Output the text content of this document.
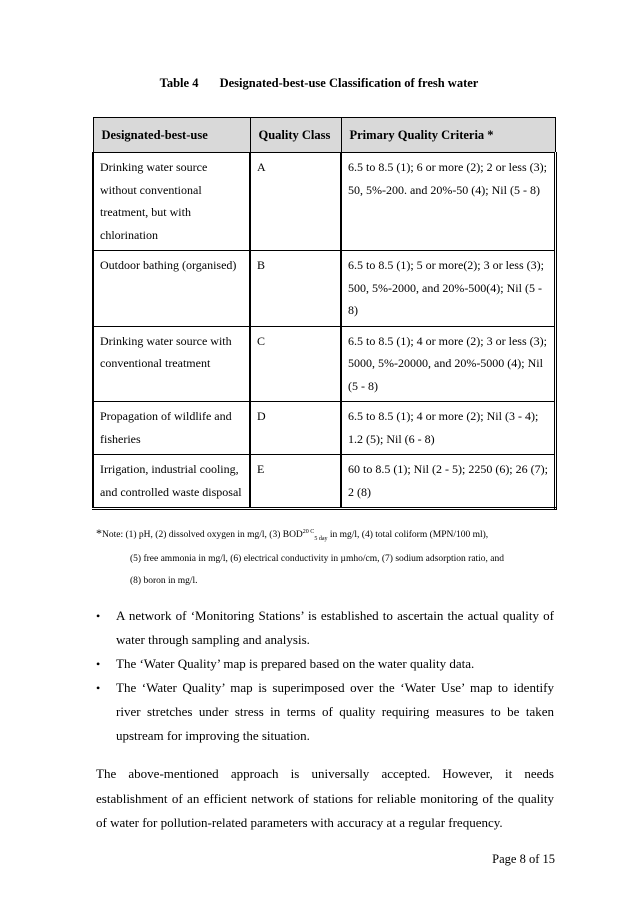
Table 4 Designated-best-use Classification of fresh water
Designated-best-use	Quality Class	Primary Quality Criteria *
Drinking water source without conventional treatment, but with chlorination	A	6.5 to 8.5 (1); 6 or more (2); 2 or less (3); 50, 5%-200. and 20%-50 (4); Nil (5 - 8)
Outdoor bathing (organised)	B	6.5 to 8.5 (1); 5 or more(2); 3 or less (3); 500, 5%-2000, and 20%-500(4); Nil (5 - 8)
Drinking water source with conventional treatment	C	6.5 to 8.5 (1); 4 or more (2); 3 or less (3); 5000, 5%-20000, and 20%-5000 (4); Nil (5 - 8)
Propagation of wildlife and fisheries	D	6.5 to 8.5 (1); 4 or more (2); Nil (3 - 4); 1.2 (5); Nil (6 - 8)
Irrigation, industrial cooling, and controlled waste disposal	E	60 to 8.5 (1); Nil (2 - 5); 2250 (6); 26 (7); 2 (8)
*Note: (1) pH, (2) dissolved oxygen in mg/l, (3) $BOD^{20 C}_{5 day}$ in mg/l, (4) total coliform (MPN/100 ml),
(5) free ammonia in mg/l, (6) electrical conductivity in µmho/cm, (7) sodium adsorption ratio, and
(8) boron in mg/l.
• A network of ‘Monitoring Stations’ is established to ascertain the actual quality of water through sampling and analysis.
• The ‘Water Quality’ map is prepared based on the water quality data.
• The ‘Water Quality’ map is superimposed over the ‘Water Use’ map to identify river stretches under stress in terms of quality requiring measures to be taken upstream for improving the situation.

The above-mentioned approach is universally accepted. However, it needs establishment of an efficient network of stations for reliable monitoring of the quality of water for pollution-related parameters with accuracy at a regular frequency.

Page 8 of 15
